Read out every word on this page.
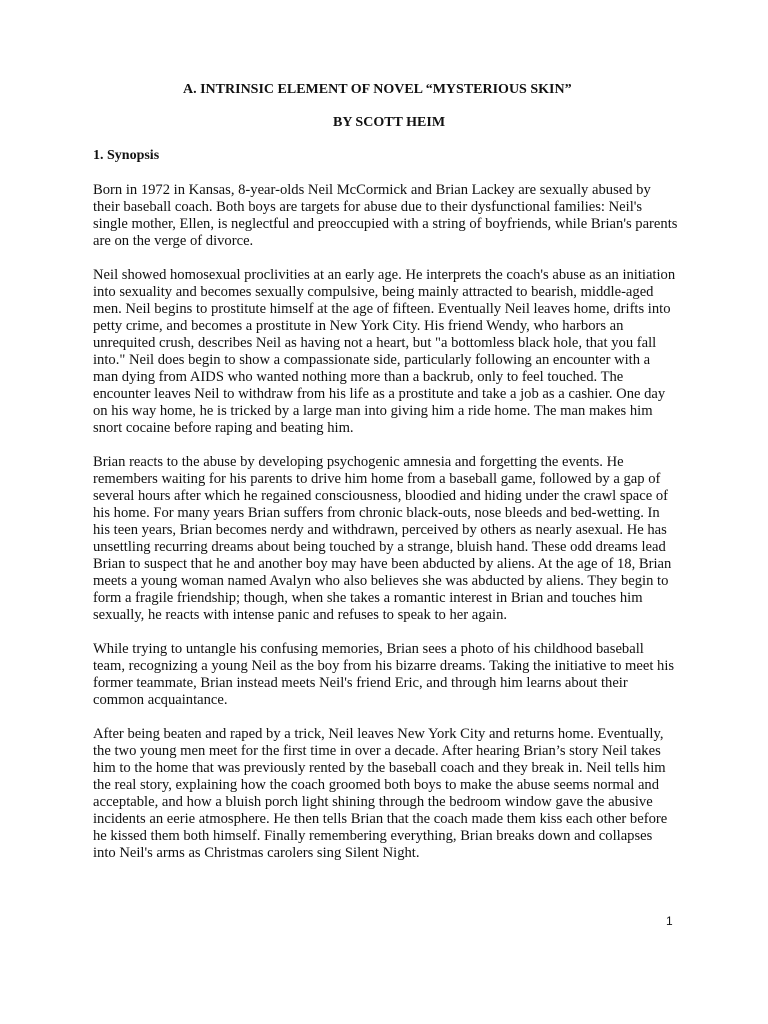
A. INTRINSIC ELEMENT OF NOVEL “MYSTERIOUS SKIN”

BY SCOTT HEIM

1. Synopsis

Born in 1972 in Kansas, 8-year-olds Neil McCormick and Brian Lackey are sexually abused by their baseball coach. Both boys are targets for abuse due to their dysfunctional families: Neil's single mother, Ellen, is neglectful and preoccupied with a string of boyfriends, while Brian's parents are on the verge of divorce.

Neil showed homosexual proclivities at an early age. He interprets the coach's abuse as an initiation into sexuality and becomes sexually compulsive, being mainly attracted to bearish, middle-aged men. Neil begins to prostitute himself at the age of fifteen. Eventually Neil leaves home, drifts into petty crime, and becomes a prostitute in New York City. His friend Wendy, who harbors an unrequited crush, describes Neil as having not a heart, but "a bottomless black hole, that you fall into." Neil does begin to show a compassionate side, particularly following an encounter with a man dying from AIDS who wanted nothing more than a backrub, only to feel touched. The encounter leaves Neil to withdraw from his life as a prostitute and take a job as a cashier. One day on his way home, he is tricked by a large man into giving him a ride home. The man makes him snort cocaine before raping and beating him.

Brian reacts to the abuse by developing psychogenic amnesia and forgetting the events. He remembers waiting for his parents to drive him home from a baseball game, followed by a gap of several hours after which he regained consciousness, bloodied and hiding under the crawl space of his home. For many years Brian suffers from chronic black-outs, nose bleeds and bed-wetting. In his teen years, Brian becomes nerdy and withdrawn, perceived by others as nearly asexual. He has unsettling recurring dreams about being touched by a strange, bluish hand. These odd dreams lead Brian to suspect that he and another boy may have been abducted by aliens. At the age of 18, Brian meets a young woman named Avalyn who also believes she was abducted by aliens. They begin to form a fragile friendship; though, when she takes a romantic interest in Brian and touches him sexually, he reacts with intense panic and refuses to speak to her again.

While trying to untangle his confusing memories, Brian sees a photo of his childhood baseball team, recognizing a young Neil as the boy from his bizarre dreams. Taking the initiative to meet his former teammate, Brian instead meets Neil's friend Eric, and through him learns about their common acquaintance.

After being beaten and raped by a trick, Neil leaves New York City and returns home. Eventually, the two young men meet for the first time in over a decade. After hearing Brian’s story Neil takes him to the home that was previously rented by the baseball coach and they break in. Neil tells him the real story, explaining how the coach groomed both boys to make the abuse seems normal and acceptable, and how a bluish porch light shining through the bedroom window gave the abusive incidents an eerie atmosphere. He then tells Brian that the coach made them kiss each other before he kissed them both himself. Finally remembering everything, Brian breaks down and collapses into Neil's arms as Christmas carolers sing Silent Night.

1
